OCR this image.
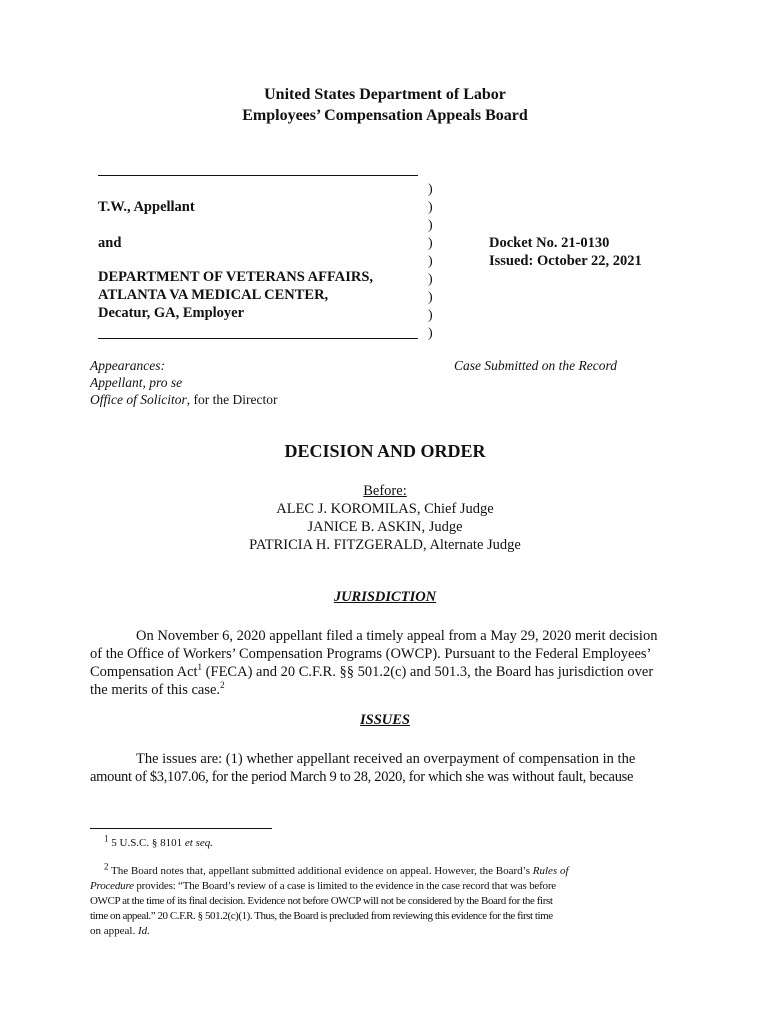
United States Department of Labor
Employees’ Compensation Appeals Board
T.W., Appellant
and
DEPARTMENT OF VETERANS AFFAIRS,
ATLANTA VA MEDICAL CENTER,
Decatur, GA, Employer
)
)
)
)
)
)
)
)
)
Docket No. 21-0130
Issued: October 22, 2021
Appearances:
Appellant, pro se
Office of Solicitor, for the Director
Case Submitted on the Record
DECISION AND ORDER
Before:
ALEC J. KOROMILAS, Chief Judge
JANICE B. ASKIN, Judge
PATRICIA H. FITZGERALD, Alternate Judge
JURISDICTION
On November 6, 2020 appellant filed a timely appeal from a May 29, 2020 merit decision
of the Office of Workers’ Compensation Programs (OWCP). Pursuant to the Federal Employees’
Compensation Act$^1$ (FECA) and 20 C.F.R. §§ 501.2(c) and 501.3, the Board has jurisdiction over
the merits of this case.$^2$
ISSUES
The issues are: (1) whether appellant received an overpayment of compensation in the
amount of $3,107.06, for the period March 9 to 28, 2020, for which she was without fault, because
$^1$ 5 U.S.C. § 8101 et seq.
$^2$ The Board notes that, appellant submitted additional evidence on appeal. However, the Board’s Rules of
Procedure provides: “The Board’s review of a case is limited to the evidence in the case record that was before
OWCP at the time of its final decision. Evidence not before OWCP will not be considered by the Board for the first
time on appeal.” 20 C.F.R. § 501.2(c)(1). Thus, the Board is precluded from reviewing this evidence for the first time
on appeal. Id.
